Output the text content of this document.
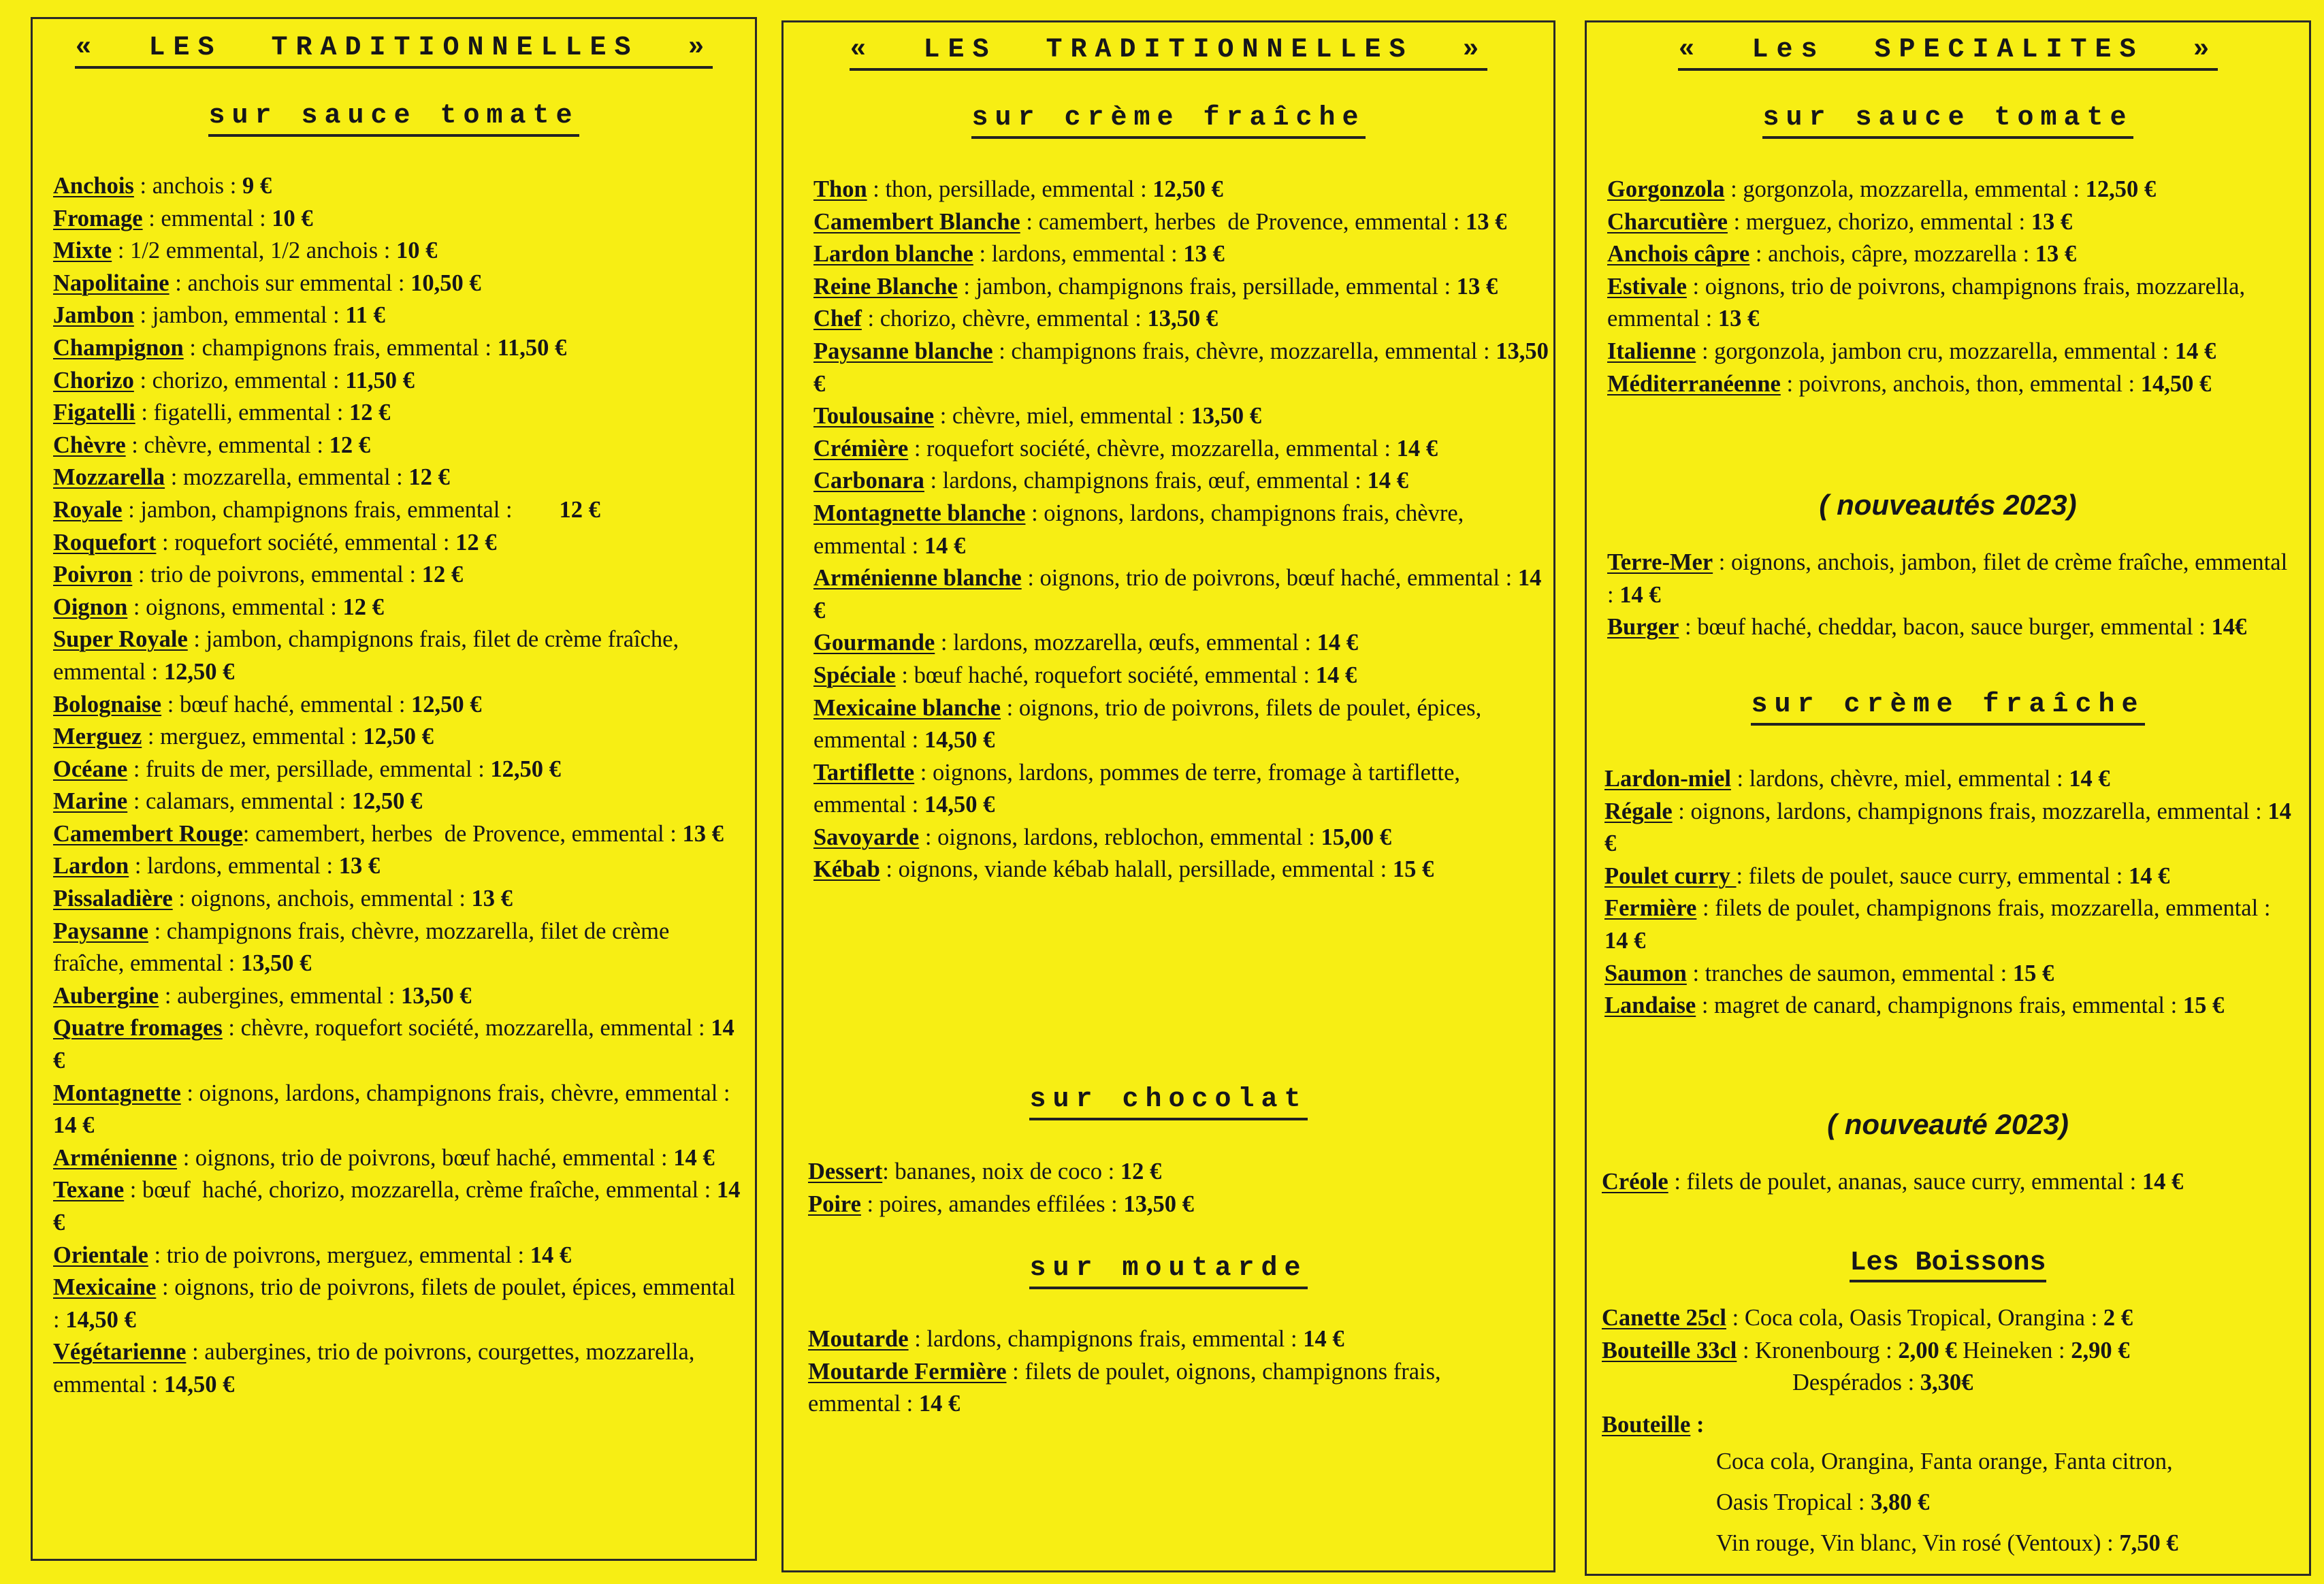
«  LES  TRADITIONNELLES  »
sur sauce tomate
Anchois : anchois : 9 €
Fromage : emmental : 10 €
Mixte : 1/2 emmental, 1/2 anchois : 10 €
Napolitaine : anchois sur emmental : 10,50 €
Jambon : jambon, emmental : 11 €
Champignon : champignons frais, emmental : 11,50 €
Chorizo : chorizo, emmental : 11,50 €
Figatelli : figatelli, emmental : 12 €
Chèvre : chèvre, emmental : 12 €
Mozzarella : mozzarella, emmental : 12 €
Royale : jambon, champignons frais, emmental :        12 €
Roquefort : roquefort société, emmental : 12 €
Poivron : trio de poivrons, emmental : 12 €
Oignon : oignons, emmental : 12 €
Super Royale : jambon, champignons frais, filet de crème fraîche, emmental : 12,50 €
Bolognaise : bœuf haché, emmental : 12,50 €
Merguez : merguez, emmental : 12,50 €
Océane : fruits de mer, persillade, emmental : 12,50 €
Marine : calamars, emmental : 12,50 €
Camembert Rouge: camembert, herbes  de Provence, emmental : 13 €
Lardon : lardons, emmental : 13 €
Pissaladière : oignons, anchois, emmental : 13 €
Paysanne : champignons frais, chèvre, mozzarella, filet de crème fraîche, emmental : 13,50 €
Aubergine : aubergines, emmental : 13,50 €
Quatre fromages : chèvre, roquefort société, mozzarella, emmental : 14 €
Montagnette : oignons, lardons, champignons frais, chèvre, emmental : 14 €
Arménienne : oignons, trio de poivrons, bœuf haché, emmental : 14 €
Texane : bœuf  haché, chorizo, mozzarella, crème fraîche, emmental : 14 €
Orientale : trio de poivrons, merguez, emmental : 14 €
Mexicaine : oignons, trio de poivrons, filets de poulet, épices, emmental : 14,50 €
Végétarienne : aubergines, trio de poivrons, courgettes, mozzarella, emmental : 14,50 €
«  LES  TRADITIONNELLES  »
sur crème fraîche
Thon : thon, persillade, emmental : 12,50 €
Camembert Blanche : camembert, herbes  de Provence, emmental : 13 €
Lardon blanche : lardons, emmental : 13 €
Reine Blanche : jambon, champignons frais, persillade, emmental : 13 €
Chef : chorizo, chèvre, emmental : 13,50 €
Paysanne blanche : champignons frais, chèvre, mozzarella, emmental : 13,50 €
Toulousaine : chèvre, miel, emmental : 13,50 €
Crémière : roquefort société, chèvre, mozzarella, emmental : 14 €
Carbonara : lardons, champignons frais, œuf, emmental : 14 €
Montagnette blanche : oignons, lardons, champignons frais, chèvre, emmental : 14 €
Arménienne blanche : oignons, trio de poivrons, bœuf haché, emmental : 14 €
Gourmande : lardons, mozzarella, œufs, emmental : 14 €
Spéciale : bœuf haché, roquefort société, emmental : 14 €
Mexicaine blanche : oignons, trio de poivrons, filets de poulet, épices, emmental : 14,50 €
Tartiflette : oignons, lardons, pommes de terre, fromage à tartiflette, emmental : 14,50 €
Savoyarde : oignons, lardons, reblochon, emmental : 15,00 €
Kébab : oignons, viande kébab halall, persillade, emmental : 15 €
sur chocolat
Dessert: bananes, noix de coco : 12 €
Poire : poires, amandes effilées : 13,50 €
sur moutarde
Moutarde : lardons, champignons frais, emmental : 14 €
Moutarde Fermière : filets de poulet, oignons, champignons frais,  emmental : 14 €
«  Les  SPECIALITES  »
sur sauce tomate
Gorgonzola : gorgonzola, mozzarella, emmental : 12,50 €
Charcutière : merguez, chorizo, emmental : 13 €
Anchois câpre : anchois, câpre, mozzarella : 13 €
Estivale : oignons, trio de poivrons, champignons frais, mozzarella, emmental : 13 €
Italienne : gorgonzola, jambon cru, mozzarella, emmental : 14 €
Méditerranéenne : poivrons, anchois, thon, emmental : 14,50 €
( nouveautés 2023)
Terre-Mer : oignons, anchois, jambon, filet de crème fraîche, emmental : 14 €
Burger : bœuf haché, cheddar, bacon, sauce burger, emmental : 14€
sur crème fraîche
Lardon-miel : lardons, chèvre, miel, emmental : 14 €
Régale : oignons, lardons, champignons frais, mozzarella, emmental : 14 €
Poulet curry : filets de poulet, sauce curry, emmental : 14 €
Fermière : filets de poulet, champignons frais, mozzarella, emmental : 14 €
Saumon : tranches de saumon, emmental : 15 €
Landaise : magret de canard, champignons frais, emmental : 15 €
( nouveauté 2023)
Créole : filets de poulet, ananas, sauce curry, emmental : 14 €
Les Boissons
Canette 25cl : Coca cola, Oasis Tropical, Orangina : 2 €
Bouteille 33cl : Kronenbourg : 2,00 € Heineken : 2,90 €
Despérados : 3,30€
Bouteille :
Coca cola, Orangina, Fanta orange, Fanta citron,
Oasis Tropical : 3,80 €
Vin rouge, Vin blanc, Vin rosé (Ventoux) : 7,50 €
